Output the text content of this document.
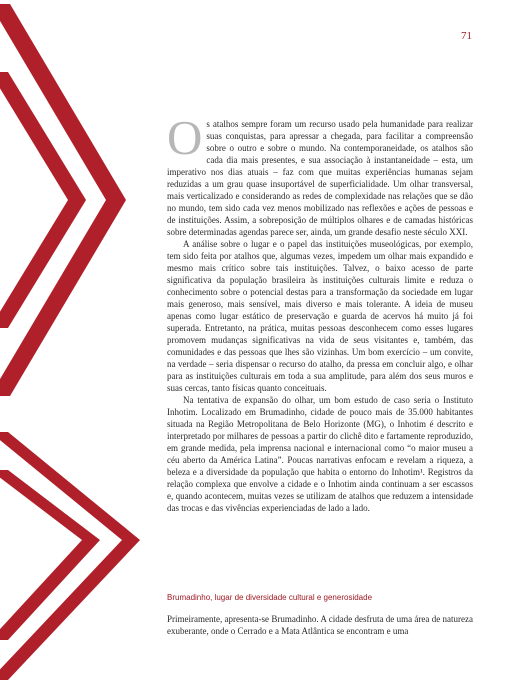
71

O s atalhos sempre foram um recurso usado pela humanidade para realizar suas conquistas, para apressar a chegada, para facilitar a compreensão sobre o outro e sobre o mundo. Na contemporaneidade, os atalhos são cada dia mais presentes, e sua associação à instantaneidade – esta, um imperativo nos dias atuais – faz com que muitas experiências humanas sejam reduzidas a um grau quase insuportável de superficialidade. Um olhar transversal, mais verticalizado e considerando as redes de complexidade nas relações que se dão no mundo, tem sido cada vez menos mobilizado nas reflexões e ações de pessoas e de instituições. Assim, a sobreposição de múltiplos olhares e de camadas históricas sobre determinadas agendas parece ser, ainda, um grande desafio neste século XXI.

A análise sobre o lugar e o papel das instituições museológicas, por exemplo, tem sido feita por atalhos que, algumas vezes, impedem um olhar mais expandido e mesmo mais crítico sobre tais instituições. Talvez, o baixo acesso de parte significativa da população brasileira às instituições culturais limite e reduza o conhecimento sobre o potencial destas para a transformação da sociedade em lugar mais generoso, mais sensível, mais diverso e mais tolerante. A ideia de museu apenas como lugar estático de preservação e guarda de acervos há muito já foi superada. Entretanto, na prática, muitas pessoas desconhecem como esses lugares promovem mudanças significativas na vida de seus visitantes e, também, das comunidades e das pessoas que lhes são vizinhas. Um bom exercício – um convite, na verdade – seria dispensar o recurso do atalho, da pressa em concluir algo, e olhar para as instituições culturais em toda a sua amplitude, para além dos seus muros e suas cercas, tanto físicas quanto conceituais.

Na tentativa de expansão do olhar, um bom estudo de caso seria o Instituto Inhotim. Localizado em Brumadinho, cidade de pouco mais de 35.000 habitantes situada na Região Metropolitana de Belo Horizonte (MG), o Inhotim é descrito e interpretado por milhares de pessoas a partir do clichê dito e fartamente reproduzido, em grande medida, pela imprensa nacional e internacional como “o maior museu a céu aberto da América Latina”. Poucas narrativas enfocam e revelam a riqueza, a beleza e a diversidade da população que habita o entorno do Inhotim¹. Registros da relação complexa que envolve a cidade e o Inhotim ainda continuam a ser escassos e, quando acontecem, muitas vezes se utilizam de atalhos que reduzem a intensidade das trocas e das vivências experienciadas de lado a lado.

Brumadinho, lugar de diversidade cultural e generosidade

Primeiramente, apresenta-se Brumadinho. A cidade desfruta de uma área de natureza exuberante, onde o Cerrado e a Mata Atlântica se encontram e uma
